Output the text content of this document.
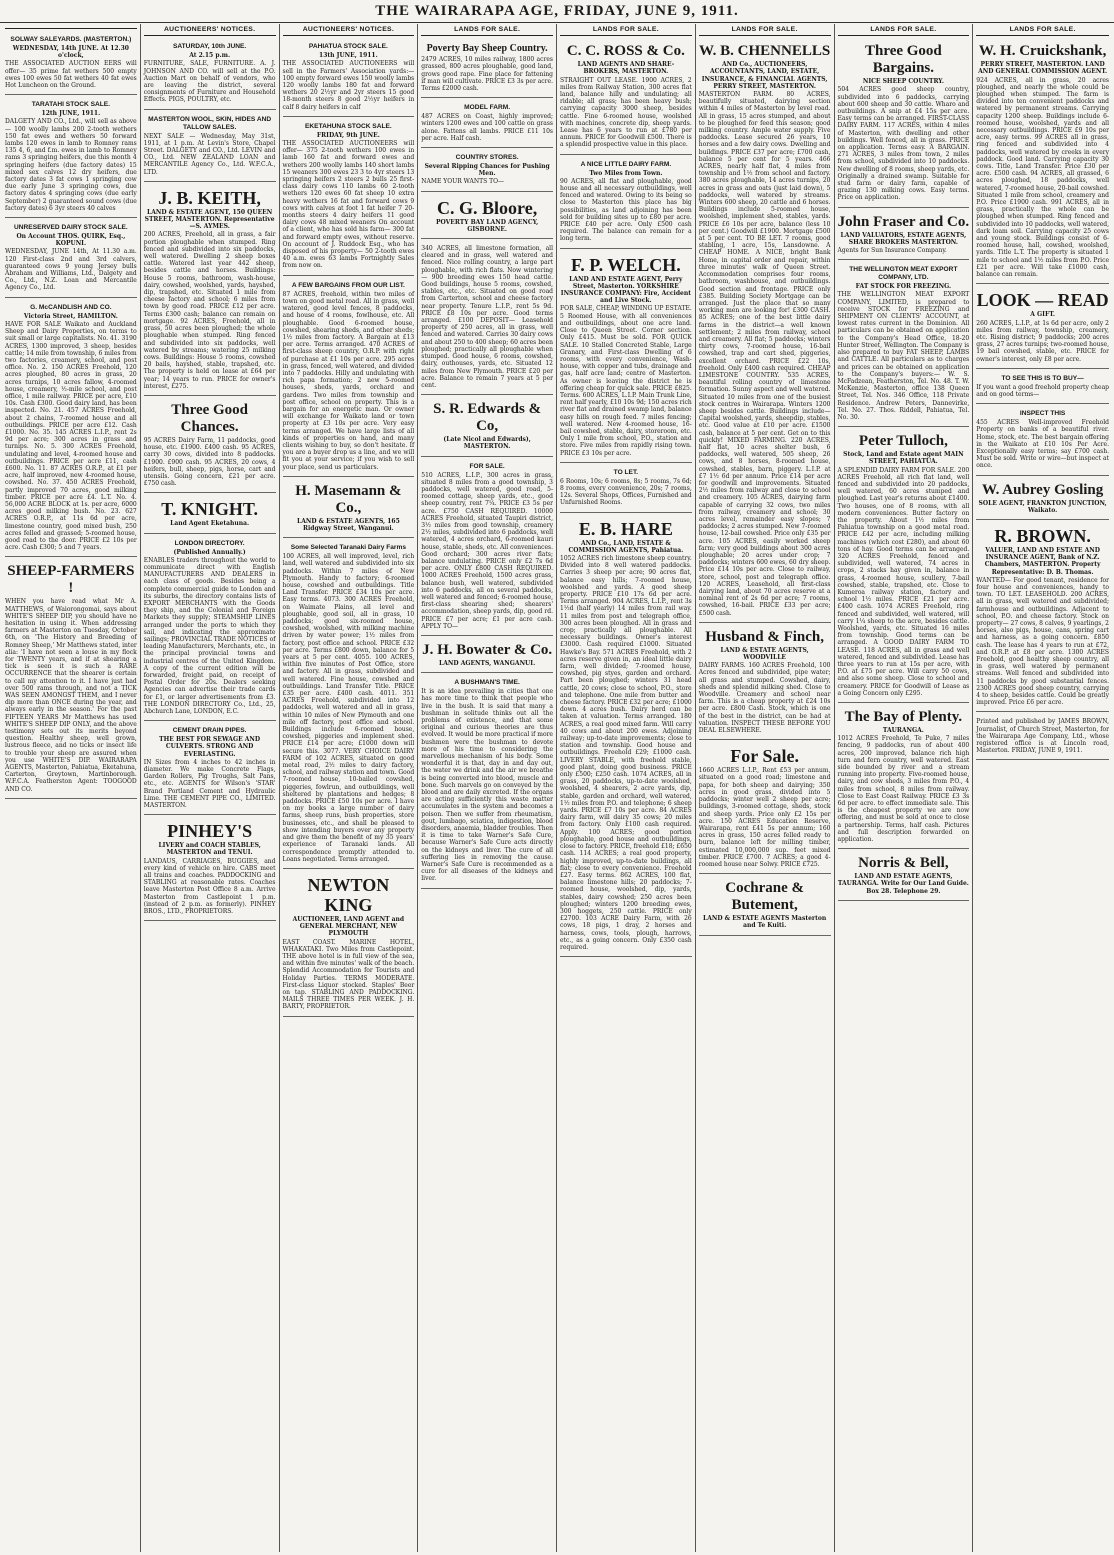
THE WAIRARAPA AGE, FRIDAY, JUNE 9, 1911.
SOLWAY SALEYARDS. (MASTERTON.)
WEDNESDAY, 14th JUNE. At 12.30 o'clock,

THE ASSOCIATED AUCTION EERS will offer— 35 prime fat wethers 500 empty ewes 100 ewes 50 fat wethers 40 fat ewes Hot Luncheon on the Ground.

TARATAHI STOCK SALE.
12th JUNE, 1911.

DALGETY AND CO., Ltd., will sell as above— 100 woolly lambs 200 2-tooth wethers 150 fat ewes and wethers 50 forward lambs 120 ewes in lamb to Romney rams 135 4, 6, and f.m. ewes in lamb to Romney rams 3 springing heifers, due this month 4 springing heifers (due factory dates) 15 mixed sex calves 12 dry heifers, due factory dates 3 fat cows 1 springing cow due early June 3 springing cows, due factory dates 4 springing cows (due early September) 2 guaranteed sound cows (due factory dates) 6 3yr steers 40 calves

UNRESERVED DAIRY STOCK SALE.
On Account THOS. QUIRK, Esq., KOPUNI.

WEDNESDAY, JUNE 14th, At 11.30 a.m. 120 First-class 2nd and 3rd calvers, guaranteed cows 9 young Jersey bulls Abraham and Williams, Ltd., Dalgety and Co., Ltd., N.Z. Loan and Mercantile Agency Co., Ltd.

G. McCANDLISH AND CO.
Victoria Street, HAMILTON.

HAVE FOR SALE Waikato and Auckland Sheep and Dairy Properties, on terms to suit small or large capitalists. No. 41. 3190 ACRES, 1300 improved, 3 sheep, besides cattle; 14 mile from township, 6 miles from two factories, creamery, school, and post office. No. 2. 150 ACRES Freehold, 120 acres ploughed, 80 acres in grass, 20 acres turnips, 10 acres fallow, 4-roomed house, creamery, ½-mile school, and post office, 1 mile railway. PRICE per acre, £10 10s. Cash £300. Good dairy land, has been inspected. No. 21. 457 ACRES Freehold, about 2 chains, 7-roomed house and all outbuildings. PRICE per acre £12. Cash £1000. No. 35. 145 ACRES L.I.P., rent 2s 9d per acre; 300 acres in grass and turnips. No. 5. 300 ACRES Freehold, undulating and level, 4-roomed house and outbuildings. PRICE per acre £11, cash £600. No. 11. 87 ACRES O.R.P., at £1 per acre, half improved, new 4-roomed house, cowshed. No. 37. 450 ACRES Freehold, partly improved 70 acres, good milking timber. PRICE per acre £4. L.T. No. 4. 56,000 ACRE BLOCK at 1s. per acre, 6000 acres good milking bush. No. 23. 627 ACRES O.R.P., at 11s 6d per acre, limestone country, good mixed bush, 250 acres felled and grassed; 5-roomed house, good road to the door. PRICE £2 10s per acre. Cash £300; 5 and 7 years.

SHEEP-FARMERS !

WHEN you have read what Mr A. MATTHEWS, of Waiorongomai, says about WHITE'S SHEEP DIP, you should have no hesitation in using it. When addressing farmers at Masterton on Tuesday, October 6th, on 'The History and Breeding of Romney Sheep,' Mr Matthews stated, inter alia: 'I have not seen a louse in my flock for TWENTY years, and if at shearing a tick is seen it is such a RARE OCCURRENCE that the shearer is certain to call my attention to it. I have just had over 500 rams through, and not a TICK WAS SEEN AMONGST THEM, and I never dip more than ONCE during the year, and always early in the season.' For the past FIFTEEN YEARS Mr Matthews has used WHITE'S SHEEP DIP ONLY, and the above testimony sets out its merits beyond question. Healthy sheep, well grown, lustrous fleece, and no ticks or insect life to trouble your sheep are assured when you use WHITE'S DIP. WAIRARAPA AGENTS, Masterton, Pahiatua, Eketahuna, Carterton, Greytown, Martinborough. W.F.C.A. Featherston Agent: TOOGOOD AND CO.

AUCTIONEERS' NOTICES.
SATURDAY, 10th JUNE.
At 2.15 p.m.

FURNITURE, SALE, FURNITURE. A. J. JOHNSON AND CO. will sell at the P.O. Auction Mart on behalf of vendors, who are leaving the district, several consignments of Furniture and Household Effects. PIGS, POULTRY, etc.

MASTERTON WOOL, SKIN, HIDES AND TALLOW SALES.

NEXT SALE — Wednesday, May 31st, 1911, at 1 p.m. At Levin's Store, Chapel Street. DALGETY and CO., Ltd. LEVIN and CO., Ltd. NEW ZEALAND LOAN and MERCANTILE Agency Co., Ltd. W.F.C.A., LTD.

J. B. KEITH,
LAND & ESTATE AGENT, 150 QUEEN STREET, MASTERTON. Representative—S. AYMES.

200 ACRES, Freehold, all in grass, a fair portion ploughable when stumped. Ring fenced and subdivided into six paddocks, well watered. Dwelling 2 sheep boxes cattle. Watered last year 442 sheep, besides cattle and horses. Buildings: House 5 rooms, bathroom, wash-house, dairy, cowshed, woolshed, yards, hayshed, dip, trapshed, etc. Situated 1 mile from cheese factory and school; 6 miles from town by good road. PRICE £12 per acre. Terms £300 cash; balance can remain on mortgage. 92 ACRES, Freehold, all in grass, 50 acres been ploughed; the whole ploughable when stumped. Ring fenced and subdivided into six paddocks, well watered by streams; watering 25 milking cows. Buildings: House 5 rooms, cowshed 20 bails, hayshed, stable, trapshed, etc. The property is held on lease at £64 per year; 14 years to run. PRICE for owner's interest, £275.

Three Good Chances.

95 ACRES Dairy Farm, 11 paddocks, good house, etc. £1900. £400 cash. 95 ACRES, carry 30 cows, divided into 8 paddocks. £1900. £900 cash. 95 ACRES, 20 cows, 4 heifers, bull, sheep, pigs, horse, cart and utensils. Going concern, £21 per acre. £750 cash.

T. KNIGHT.
Land Agent Eketahuna.

LONDON DIRECTORY.
(Published Annually.)

ENABLES traders throughout the world to communicate direct with English MANUFACTURERS AND DEALERS in each class of goods. Besides being a complete commercial guide to London and its suburbs, the directory contains lists of EXPORT MERCHANTS with the Goods they ship, and the Colonial and Foreign Markets they supply; STEAMSHIP LINES arranged under the ports to which they sail, and indicating the approximate sailings; PROVINCIAL TRADE NOTICES of leading Manufacturers, Merchants, etc., in the principal provincial towns and industrial centres of the United Kingdom. A copy of the current edition will be forwarded, freight paid, on receipt of Postal Order for 20s. Dealers seeking Agencies can advertise their trade cards for £1, or larger advertisements from £3. THE LONDON DIRECTORY Co., Ltd., 25, Abchurch Lane, LONDON, E.C.

CEMENT DRAIN PIPES.
THE BEST FOR SEWAGE AND CULVERTS. STRONG AND EVERLASTING.

IN Sizes from 4 inches to 42 inches in diameter. We make Concrete Flags, Garden Rollers, Pig Troughs, Salt Pans, etc., etc. AGENTS for Wilson's 'STAR' Brand Portland Cement and Hydraulic Lime. THE CEMENT PIPE CO., LIMITED. MASTERTON.

PINHEY'S
LIVERY and COACH STABLES, MASTERTON and TENUI.

LANDAUS, CARRIAGES, BUGGIES, and every kind of vehicle on hire. CABS meet all trains and coaches. PADDOCKING and STABLING at reasonable rates. Coaches leave Masterton Post Office 8 a.m. Arrive Masterton from Castlepoint 1 p.m. (instead of 2 p.m. as formerly). PINHEY BROS., LTD., PROPRIETORS.

AUCTIONEERS' NOTICES.
PAHIATUA STOCK SALE.
13th JUNE, 1911.

THE ASSOCIATED AUCTIONEERS will sell in the Farmers' Association yards:— 100 empty forward ewes 150 woolly lambs 120 woolly lambs 180 fat and forward wethers 20 2½yr and 2yr steers 15 good 18-month steers 8 good 2½yr heifers in calf 8 dairy heifers in calf

EKETAHUNA STOCK SALE.
FRIDAY, 9th JUNE.

THE ASSOCIATED AUCTIONEERS will offer— 375 2-tooth wethers 100 ewes in lamb 160 fat and forward ewes and wethers 200 woolly lambs 140 short lambs 15 weaners 300 ewes 23 3 to 4yr steers 13 springing heifers 2 steers 2 bulls 25 first-class dairy cows 110 lambs 60 2-tooth wethers 120 ewes 60 fat sheep 10 extra heavy wethers 16 fat and forward cows 9 cows with calves at foot 1 fat heifer 7 20-months steers 4 dairy heifers 11 good dairy cows 48 mixed weaners On account of a client, who has sold his farm— 300 fat and forward empty ewes, without reserve. On account of J. Ruddock Esq., who has disposed of his property— 50 2-tooth ewes 40 a.m. ewes 63 lambs Fortnightly Sales from now on.

A FEW BARGAINS FROM OUR LIST.

87 ACRES, freehold, within two miles of town on good metal road. All in grass, well watered, good level fences, 8 paddocks, and house of 4 rooms, fowlhouse, etc. All ploughable. Good 6-roomed house, cowshed, shearing sheds, and other sheds; 1½ miles from factory. A Bargain at £13 per acre. Terms arranged. 470 ACRES of first-class sheep country, O.R.P. with right of purchase at £1 10s per acre. 295 acres in grass, fenced, well watered, and divided into 7 paddocks. Hilly and undulating with rich papa formation; 2 new 5-roomed houses, sheds, yards, orchard and gardens. Two miles from township and post office, school on property. This is a bargain for an energetic man. Or owner will exchange for Waikato land or town property at £3 10s per acre. Very easy terms arranged. We have large lists of all kinds of properties on hand, and many clients wishing to buy, so don't hesitate. If you are a buyer drop us a line, and we will fit you at your service; if you wish to sell your place, send us particulars.

H. Masemann & Co.,
LAND & ESTATE AGENTS, 165 Ridgway Street, Wanganui.

Some Selected Taranaki Dairy Farms

100 ACRES, all well improved, level, rich land, well watered and subdivided into six paddocks. Within 7 miles of New Plymouth. Handy to factory; 6-roomed house, cowshed and outbuildings. Title Land Transfer. PRICE £34 10s per acre. Easy terms. 4073. 300 ACRES Freehold, on Waimate Plains, all level and ploughable, good soil, all in grass, 10 paddocks; good six-roomed house, cowshed, woolshed, with milking machine driven by water power; 1½ miles from factory, post office and school. PRICE £32 per acre. Terms £800 down, balance for 5 years at 5 per cent. 4055. 100 ACRES, within five minutes of Post Office, store and factory. All in grass, subdivided and well watered. Fine house, cowshed and outbuildings. Land Transfer Title. PRICE £35 per acre. £400 cash. 4011. 351 ACRES Freehold, subdivided into 12 paddocks, well watered and all in grass, within 10 miles of New Plymouth and one mile off factory, post office and school. Buildings include 6-roomed house, cowshed, piggeries and implement shed. PRICE £14 per acre; £1000 down will secure this. 3077. VERY CHOICE DAIRY FARM of 102 ACRES, situated on good metal road, 2½ miles to dairy factory, school, and railway station and town. Good 7-roomed house, 10-bailed cowshed, piggeries, fowlrun, and outbuildings, well sheltered by plantations and hedges; 8 paddocks. PRICE £50 10s per acre. I have on my books a large number of dairy farms, sheep runs, bush properties, store businesses, etc., and shall be pleased to show intending buyers over any property and give them the benefit of my 35 years' experience of Taranaki lands. All correspondence promptly attended to. Loans negotiated. Terms arranged.

NEWTON KING
AUCTIONEER, LAND AGENT and GENERAL MERCHANT, NEW PLYMOUTH

EAST COAST. MARINE HOTEL, WHAKATAKI. Two Miles from Castlepoint. THE above hotel is in full view of the sea, and within five minutes' walk of the beach. Splendid Accommodation for Tourists and Holiday Parties. TERMS MODERATE. First-class Liquor stocked. Staples' Beer on tap. STABLING AND PADDOCKING. MAILS THREE TIMES PER WEEK. J. H. BARTY, PROPRIETOR.

LANDS FOR SALE.
Poverty Bay Sheep Country.

2479 ACRES, 10 miles railway, 1800 acres grassed, 800 acres ploughable, good land, grows good rape. Fine place for fattening if man will cultivate. PRICE £3 3s per acre. Terms £2000 cash.

MODEL FARM.

487 ACRES on Coast, highly improved; winters 1200 ewes and 100 cattle on grass alone. Fattens all lambs. PRICE £11 10s per acre. Half cash.

COUNTRY STORES.
Several Ripping Chances for Pushing Men.

NAME YOUR WANTS TO—

C. G. Bloore,
POVERTY BAY LAND AGENCY, GISBORNE.

340 ACRES, all limestone formation, all cleared and in grass, well watered and fenced. Nice rolling country, a large part ploughable, with rich flats. Now wintering— 900 breeding ewes 150 head cattle. Good buildings, house 5 rooms, cowshed, stables, etc., etc. Situated on good road from Carterton, school and cheese factory near property. Tenure L.I.P., rent 5s 9d. PRICE £8 10s per acre. Good terms arranged. £100 DEPOSIT— Leasehold property of 250 acres, all in grass, well fenced and watered. Carries 30 dairy cows and about 250 to 400 sheep; 60 acres been ploughed; practically all ploughable when stumped. Good house, 6 rooms, cowshed, dairy, outhouses, yards, etc. Situated 12 miles from New Plymouth. PRICE £20 per acre. Balance to remain 7 years at 5 per cent.

S. R. Edwards & Co,
(Late Nicol and Edwards), MASTERTON.

FOR SALE.

510 ACRES, L.I.P., 300 acres in grass, situated 8 miles from a good township, 3 paddocks, well watered, good road, 5-roomed cottage, sheep yards, etc., good sheep country, rent 7¼. PRICE £3 5s per acre. £750 CASH REQUIRED. 10000 ACRES Freehold, situated Taupiri district, 3½ miles from good township, creamery 2½ miles, subdivided into 6 paddocks, well watered, 4 acres orchard, 6-roomed kauri house, stable, sheds, etc. All conveniences. Good orchard; 300 acres river flats; balance undulating. PRICE only £2 7s 6d per acre. ONLY £800 CASH REQUIRED. 1000 ACRES Freehold, 1500 acres grass, balance bush, well watered, subdivided into 6 paddocks, all on several paddocks, well watered and fenced; 6-roomed house, first-class shearing shed; shearers' accommodation, sheep yards, dip, good rd. PRICE £7 per acre; £1 per acre cash. APPLY TO—

J. H. Bowater & Co.
LAND AGENTS, WANGANUI.

A BUSHMAN'S TIME.

It is an idea prevailing in cities that one has more time to think that people who live in the bush. It is said that many a bushman in solitude thinks out all the problems of existence, and that some original and curious theories are thus evolved. It would be more practical if more bushmen were the bushman to devote more of his time to considering the marvellous mechanism of his body. Some wonderful it is that, day in and day out, the water we drink and the air we breathe is being converted into blood, muscle and bone. Such marvels go on conveyed by the blood and are daily excreted. If the organs are acting sufficiently this waste matter accumulates in the system and becomes a poison. Then we suffer from rheumatism, gout, lumbago, sciatica, indigestion, blood disorders, anaemia, bladder troubles. Then it is time to take Warner's Safe Cure, because Warner's Safe Cure acts directly on the kidneys and liver. The cure of all suffering lies in removing the cause. Warner's Safe Cure is recommended as a cure for all diseases of the kidneys and liver.

LANDS FOR SALE.
C. C. ROSS & Co.
LAND AGENTS AND SHARE-BROKERS, MASTERTON.

STRAIGHT OUT LEASE. 1900 ACRES, 2 miles from Railway Station, 300 acres flat land, balance hilly and undulating; all ridable; all grass; has been heavy bush; carrying capacity 3000 sheep, besides cattle. Fine 6-roomed house, woolshed with machines, concrete dip, sheep yards. Lease has 6 years to run at £780 per annum. PRICE for Goodwill £500. There is a splendid prospective value in this place.

A NICE LITTLE DAIRY FARM.
Two Miles from Town.

90 ACRES, all flat and ploughable, good house and all necessary outbuildings, well fenced and watered. Owing to its being so close to Masterton this place has big possibilities, as land adjoining has been sold for building sites up to £80 per acre. PRICE £40 per acre. Only £500 cash required. The balance can remain for a long term.

F. P. WELCH.
LAND AND ESTATE AGENT, Perry Street, Masterton. YORKSHIRE INSURANCE COMPANY: Fire, Accident and Live Stock.

FOR SALE, CHEAP, WINDING UP ESTATE. 5 Roomed House, with all conveniences and outbuildings, about one acre land. Close to Queen Street. Corner section. Only £415. Must be sold. FOR QUICK SALE. 10 Stalled Concreted Stable, Large Granary, and First-class Dwelling of 6 rooms, with every convenience, Wash-house, with copper and tubs, drainage and gas, half acre land; centre of Masterton. As owner is leaving the district he is offering cheap for quick sale. PRICE £825. Terms. 600 ACRES, L.I.P. Main Trunk Line, rent half yearly, £10 10s 9d; 150 acres rich river flat and drained swamp land, balance easy hills on rough feed. 7 miles fencing; well watered. New 4-roomed house, 16-bail cowshed, stable, dairy, storeroom, etc. Only 1 mile from school, P.O., station and store. Five miles from rapidly rising town. PRICE £3 10s per acre.

TO LET.

6 Rooms, 10s; 6 rooms, 8s; 5 rooms, 7s 6d; 8 rooms, every convenience, 20s; 7 rooms, 12s. Several Shops, Offices, Furnished and Unfurnished Rooms.

E. B. HARE
AND Co., LAND, ESTATE & COMMISSION AGENTS, Pahiatua.

1052 ACRES rich limestone sheep country. Divided into 8 well watered paddocks. Carries 3 sheep per acre; 90 acres flat, balance easy hills; 7-roomed house, woolshed and yards. A good sheep property. PRICE £10 17s 6d per acre. Terms arranged. 904 ACRES, L.I.P., rent 3s 1½d (half yearly) 14 miles from rail way. 11 miles from post and telegraph office, 300 acres been ploughed. All in grass and crop; practically all ploughable. All necessary buildings. Owner's interest £3000. Cash required £1000. Situated Hawke's Bay. 571 ACRES Freehold, with 2 acres reserve given in, an ideal little dairy farm, well divided; 7-roomed house, cowshed, pig styes, garden and orchard. Part been ploughed; winters 31 head cattle, 20 cows; close to school, P.O., store and telephone. One mile from butter and cheese factory. PRICE £32 per acre; £1000 down. 4 acres bush. Dairy herd can be taken at valuation. Terms arranged. 180 ACRES, a real good mixed farm. Will carry 40 cows and about 200 ewes. Adjoining railway; up-to-date improvements; close to station and township. Good house and outbuildings. Freehold £29; £1000 cash. LIVERY STABLE, with freehold stable, good plant, doing good business. PRICE only £500; £250 cash. 1074 ACRES, all in grass, 20 paddocks, up-to-date woolshed, woolshed, 4 shearers, 2 acre yards, dip, stable, garden and orchard, well watered, 1½ miles from P.O. and telephone; 6 sheep yards. PRICE £7 10s per acre. 84 ACRES dairy farm, will dairy 35 cows; 20 miles from factory. Only £100 cash required. Apply. 100 ACRES; good portion ploughable, good house and outbuildings, close to factory. PRICE, freehold £18; £650 cash. 114 ACRES; a real good property, highly improved, up-to-date buildings, all flat; close to every convenience. Freehold £27. Easy terms. 862 ACRES, 100 flat, balance limestone hills; 20 paddocks; 7-roomed house, woolshed, dip, yards, stables, dairy cowshed; 250 acres been ploughed; winters 1200 breeding ewes, 300 hoggets, 250 cattle. PRICE only £2700. 103 ACRE Dairy Farm, with 26 cows, 18 pigs, 1 dray, 2 horses and harness, cows, tools, plough, harrows, etc., as a going concern. Only £350 cash required.

LANDS FOR SALE.
W. B. CHENNELLS
AND Co., AUCTIONEERS, ACCOUNTANTS, LAND, ESTATE, INSURANCE, & FINANCIAL AGENTS, PERRY STREET, MASTERTON.

MASTERTON FARM. 80 ACRES, beautifully situated, dairying section within 4 miles of Masterton by level road. All in grass, 15 acres stumped, and about to be ploughed for feed this season; good milking country. Ample water supply. Five paddocks. Lease secured 26 years, 10 horses and a few dairy cows. Dwelling and buildings. PRICE £37 per acre; £700 cash, balance 5 per cent for 5 years. 466 ACRES, nearly half flat, 4 miles from township and 1½ from school and factory. 380 acres ploughable, 14 acres turnips, 20 acres in grass and oats (just laid down), 5 paddocks, well watered by streams. Winters 600 sheep, 20 cattle and 6 horses. Buildings include 5-roomed house, woolshed, implement shed, stables, yards. PRICE £6 10s per acre, balance (less 10 per cent.) Goodwill £1900. Mortgage £500 at 5 per cent. TO BE LET. 7 rooms, good stabling, 1 acre, 15s, Lansdowne. A CHEAP HOME. A NICE, bright Bank Home, in capital order and repair, within three minutes' walk of Queen Street. Accommodation comprises four rooms, bathroom, washhouse, and outbuildings. Good section and frontage. PRICE only £385. Building Society Mortgage can be arranged. Just the place that so many working men are looking for! £300 CASH. 85 ACRES; one of the best little dairy farms in the district—a well known settlement; 2 miles from railway, school and creamery. All flat; 5 paddocks; winters thirty cows, 7-roomed house, 16-bail cowshed, trap and cart shed, piggeries, excellent orchard. PRICE £22 10s, freehold. Only £400 cash required. CHEAP LIMESTONE COUNTRY. 535 ACRES, beautiful rolling country of limestone formation. Sunny aspect and well watered. Situated 10 miles from one of the busiest stock centres in Wairarapa. Winters 1200 sheep besides cattle. Buildings include— Capital woolshed, yards, sheepdip, stables, etc. Good value at £10 per acre. £1500 cash, balance at 5 per cent. Get on to this quickly! MIXED FARMING. 220 ACRES, half flat, 10 acres shelter bush, 6 paddocks, well watered, 505 sheep, 26 cows, and 8 horses, 8-roomed house, cowshed, stables, barn, piggery. L.I.P. at £7 1½ 6d per annum. Price £14 per acre for goodwill and improvements. Situated 2½ miles from railway and close to school and creamery. 105 ACRES, dairying farm capable of carrying 32 cows, two miles from railway, creamery and school; 30 acres level, remainder easy slopes; 7 paddocks; 2 acres stumped. New 7-roomed house, 12-bail cowshed. Price only £35 per acre. 105 ACRES, easily worked sheep farm; very good buildings about 300 acres ploughable; 20 acres under crop; 7 paddocks; winters 600 ewes, 60 dry sheep. Price £14 10s per acre. Close to railway, store, school, post and telegraph office. 120 ACRES, Leasehold, all first-class dairying land, about 70 acres reserve at a nominal rent of 2s 6d per acre; 7 rooms, cowshed, 16-bail. PRICE £33 per acre; £500 cash.

Husband & Finch,
LAND & ESTATE AGENTS, WOODVILLE

DAIRY FARMS. 160 ACRES Freehold, 100 Acres fenced and subdivided, pipe water; all grass and stumped. Cowshed, dairy, sheds and splendid milking shed. Close to Woodville. Creamery and school near farm. This is a cheap property at £24 10s per acre. £800 Cash. Stock, which is one of the best in the district, can be had at valuation. INSPECT THESE BEFORE YOU DEAL ELSEWHERE.

For Sale.

1660 ACRES L.I.P., Rent £53 per annum, situated on a good road; limestone and papa, for both sheep and dairying; 350 acres in good grass, divided into 5 paddocks; winter well 2 sheep per acre; buildings, 3-roomed cottage, sheds, stock and sheep yards. Price only £2 15s per acre. 150 ACRES Education Reserve, Wairarapa, rent £41 5s per annum; 160 acres in grass, 150 acres felled ready to burn, balance left for milling timber, estimated 10,000,000 sup. feet mixed timber. PRICE £700. 7 ACRES; a good 4-roomed house near Solwy. PRICE £725.

Cochrane & Butement,
LAND & ESTATE AGENTS Masterton and Te Kuiti.

LANDS FOR SALE.
Three Good Bargains.
NICE SHEEP COUNTRY.

504 ACRES good sheep country, subdivided into 6 paddocks, carrying about 600 sheep and 30 cattle. Wharo and outbuildings. A snip at £4 15s per acre. Easy terms can be arranged. FIRST-CLASS DAIRY FARM. 117 ACRES, within 4 miles of Masterton, with dwelling and other buildings. Well fenced, all in grass. PRICE on application. Terms easy. A BARGAIN. 271 ACRES, 3 miles from town, 2 miles from school, subdivided into 10 paddocks. New dwelling of 8 rooms, sheep yards, etc. Originally a drained swamp. Suitable for stud farm or dairy farm, capable of grazing 130 milking cows. Easy terms. Price on application.

John Fraser and Co.
LAND VALUATORS, ESTATE AGENTS, SHARE BROKERS MASTERTON.

Agents for Sun Insurance Company.

THE WELLINGTON MEAT EXPORT COMPANY, LTD.
FAT STOCK FOR FREEZING.

THE WELLINGTON MEAT EXPORT COMPANY, LIMITED, is prepared to receive STOCK for FREEZING and SHIPMENT ON CLIENTS' ACCOUNT, at lowest rates current in the Dominion. All particulars can be obtained on application to the Company's Head Office, 18-20 Hunter Street, Wellington. The Company is also prepared to buy FAT SHEEP, LAMBS and CATTLE. All particulars as to charges and prices can be obtained on application to the Company's buyers:— W. S. McFadzean, Featherston, Tel. No. 48. T. W. McKenzie, Masterton, office 138 Queen Street, Tel. Nos. 346 Office, 118 Private Residence. Andrew Peters, Dannevirke, Tel. No. 27. Thos. Riddell, Pahiatua, Tel. No. 30.

Peter Tulloch,
Stock, Land and Estate agent MAIN STREET, PAHIATUA.

A SPLENDID DAIRY FARM FOR SALE. 200 ACRES Freehold, all rich flat land, well fenced and subdivided into 20 paddocks, well watered, 60 acres stumped and ploughed. Last year's returns about £1400. Two houses, one of 8 rooms, with all modern conveniences. Butter factory on the property. About 1½ miles from Pahiatua township on a good metal road. PRICE £42 per acre, including milking machines (which cost £280), and about 60 tons of hay. Good terms can be arranged. 320 ACRES Freehold, fenced and subdivided, well watered, 74 acres in crops, 2 stacks hay given in, balance in grass, 4-roomed house, scullery, 7-bail cowshed, stable, trapshed, etc. Close to Kumeroa railway station, factory and school 1½ miles. PRICE £21 per acre. £400 cash. 1074 ACRES Freehold, ring fenced and subdivided, well watered, will carry 1¼ sheep to the acre, besides cattle. Woolshed, yards, etc. Situated 16 miles from township. Good terms can be arranged. A GOOD DAIRY FARM TO LEASE. 118 ACRES, all in grass and well watered, fenced and subdivided. Lease has three years to run at 15s per acre, with P.O. at £75 per acre. Will carry 50 cows, and also some sheep. Close to school and creamery. PRICE for Goodwill of Lease as a Going Concern only £295.

The Bay of Plenty.
TAURANGA.

1012 ACRES Freehold, Te Puke, 7 miles fencing, 9 paddocks, run of about 400 acres, 200 improved, balance rich high turn and fern country, well watered. East side bounded by river and a stream running into property. Five-roomed house, dairy, and cow sheds, 3 miles from P.O., 4 miles from school, 8 miles from railway. Close to East Coast Railway. PRICE £3 3s 6d per acre. to effect immediate sale. This is the cheapest property we are now offering, and must be sold at once to close a partnership. Terms, half cash. Pictures and full description forwarded on application.

Norris & Bell,
LAND AND ESTATE AGENTS, TAURANGA. Write for Our Land Guide. Box 28. Telephone 29.

LANDS FOR SALE.
W. H. Cruickshank,
PERRY STREET, MASTERTON. LAND AND GENERAL COMMISSION AGENT.

924 ACRES, all in grass, 20 acres ploughed, and nearly the whole could be ploughed when stumped. The farm is divided into ten convenient paddocks and watered by permanent streams. Carrying capacity 1200 sheep. Buildings include 6-roomed house, woolshed, yards and all necessary outbuildings. PRICE £9 10s per acre, easy terms. 99 ACRES all in grass, ring fenced and subdivided into 4 paddocks, well watered by creeks in every paddock. Good land. Carrying capacity 30 cows. Title, Land Transfer. Price £30 per acre. £500 cash. 94 ACRES, all grassed, 6 acres ploughed, 18 paddocks, well watered, 7-roomed house, 20-bail cowshed. Situated 1 mile from school, creamery and P.O. Price £1900 cash. 991 ACRES, all in grass, practically the whole can be ploughed when stumped. Ring fenced and subdivided into 10 paddocks, well watered, dark loam soil. Carrying capacity 25 cows and young stock. Buildings consist of 6-roomed house, hall, cowshed, woolshed, yards. Title L.T. The property is situated 1 mile to school and 1½ miles from P.O. Price £21 per acre. Will take £1000 cash, balance can remain.

LOOK — READ
A GIFT.

260 ACRES, L.I.P., at 1s 6d per acre, only 2 miles from railway, township, creamery, etc. Rising district; 9 paddocks; 200 acres grass, 27 acres turnips; two-roomed house, 19 bail cowshed, stable, etc. PRICE for owner's interest, only £8 per acre.

TO SEE THIS IS TO BUY—

If you want a good freehold property cheap and on good terms—

INSPECT THIS

455 ACRES Well-improved Freehold Property on banks of a beautiful river. Home, stock, etc. The best bargain offering in the Waikato at £10 10s Per Acre. Exceptionally easy terms; say £700 cash. Must be sold. Write or wire—but inspect at once.

W. Aubrey Gosling
SOLE AGENT, FRANKTON JUNCTION, Waikato.

R. BROWN.
VALUER, LAND AND ESTATE AND INSURANCE AGENT, Bank of N.Z. Chambers, MASTERTON. Property Representative: D. B. Thomas.

WANTED— For good tenant, residence for four house and conveniences, handy to town. TO LET. LEASEHOLD. 200 ACRES, all in grass, well watered and subdivided; farmhouse and outbuildings. Adjacent to school, P.O. and cheese factory. Stock on property— 27 cows, 8 calves, 9 yearlings, 2 horses, also pigs, house, cans, spring cart and harness, as a going concern. £850 cash. The lease has 4 years to run at £72, and O.R.P. at £8 per acre. 1300 ACRES Freehold, good healthy sheep country, all in grass, well watered by permanent streams. Well fenced and subdivided into 11 paddocks by good substantial fences. 2300 ACRES good sheep country, carrying 4 to sheep, besides cattle. Could be greatly improved. Price £6 per acre.

Printed and published by JAMES BROWN, Journalist, of Church Street, Masterton, for the Wairarapa Age Company, Ltd., whose registered office is at Lincoln road, Masterton. FRIDAY, JUNE 9, 1911.
